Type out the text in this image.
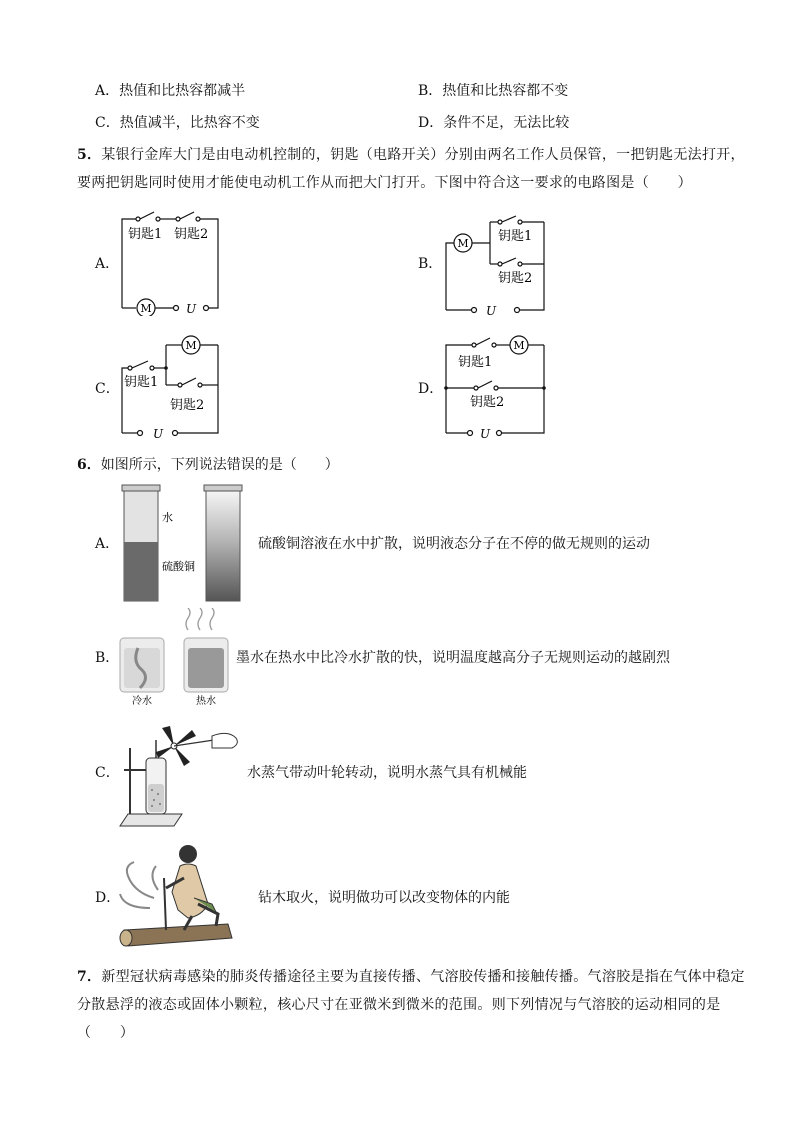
A．热值和比热容都减半	B．热值和比热容都不变
C．热值减半，比热容不变	D．条件不足，无法比较
5．某银行金库大门是由电动机控制的，钥匙（电路开关）分别由两名工作人员保管，一把钥匙无法打开，要两把钥匙同时使用才能使电动机工作从而把大门打开。下图中符合这一要求的电路图是（　　）
A．
M	U
钥匙1 钥匙2
B．
M
U
钥匙1
钥匙2
C．
M
U
钥匙1
钥匙2
D．
M
U
钥匙1
钥匙2
6．如图所示，下列说法错误的是（　　）
A．
水
硫酸铜
硫酸铜溶液在水中扩散，说明液态分子在不停的做无规则的运动
B．
冷水	热水
墨水在热水中比冷水扩散的快，说明温度越高分子无规则运动的越剧烈
C．	水蒸气带动叶轮转动，说明水蒸气具有机械能
D．	钻木取火，说明做功可以改变物体的内能
7．新型冠状病毒感染的肺炎传播途径主要为直接传播、气溶胶传播和接触传播。气溶胶是指在气体中稳定分散悬浮的液态或固体小颗粒，核心尺寸在亚微米到微米的范围。则下列情况与气溶胶的运动相同的是（　　）
